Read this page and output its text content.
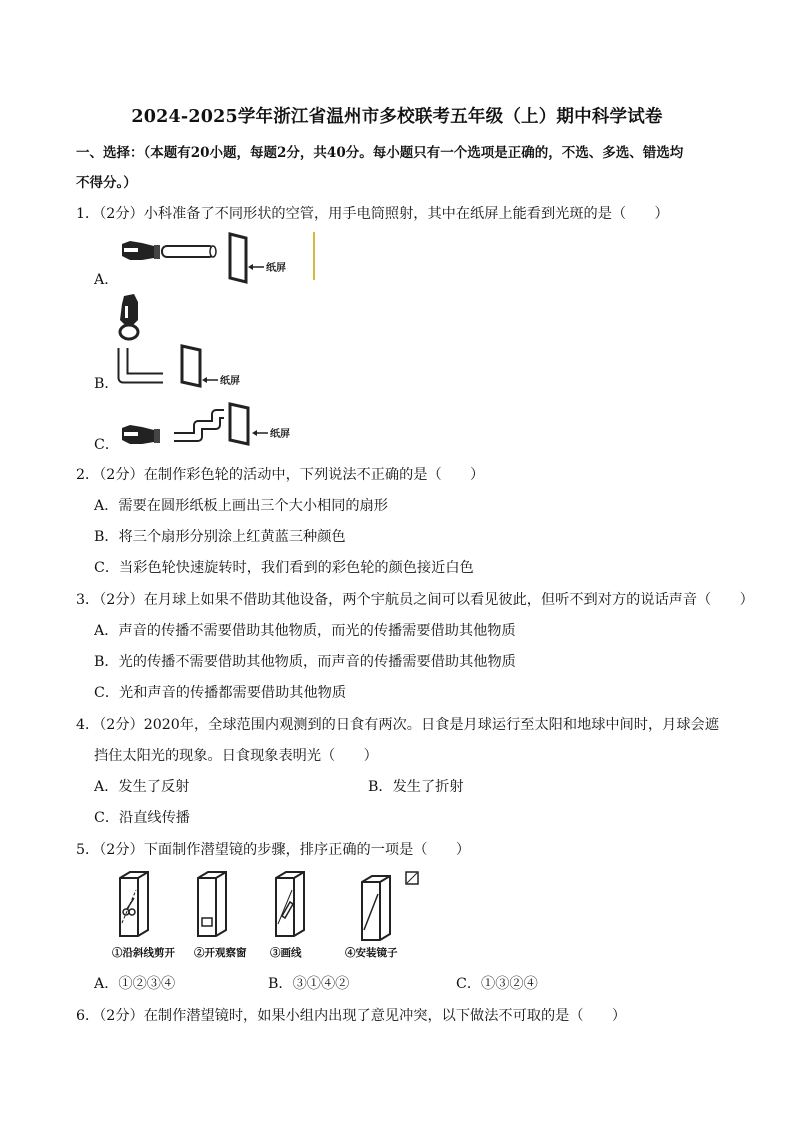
2024-2025学年浙江省温州市多校联考五年级（上）期中科学试卷
一、选择：（本题有20小题，每题2分，共40分。每小题只有一个选项是正确的，不选、多选、错选均
不得分。）
1．（2分）小科准备了不同形状的空管，用手电筒照射，其中在纸屏上能看到光斑的是（　　）
A．
纸屏
B．	纸屏
C．
纸屏
2．（2分）在制作彩色轮的活动中，下列说法不正确的是（　　）
A．需要在圆形纸板上画出三个大小相同的扇形
B．将三个扇形分别涂上红黄蓝三种颜色
C．当彩色轮快速旋转时，我们看到的彩色轮的颜色接近白色
3．（2分）在月球上如果不借助其他设备，两个宇航员之间可以看见彼此，但听不到对方的说话声音（　　）
A．声音的传播不需要借助其他物质，而光的传播需要借助其他物质
B．光的传播不需要借助其他物质，而声音的传播需要借助其他物质
C．光和声音的传播都需要借助其他物质
4．（2分）2020年，全球范围内观测到的日食有两次。日食是月球运行至太阳和地球中间时，月球会遮
挡住太阳光的现象。日食现象表明光（　　）
A．发生了反射	B．发生了折射
C．沿直线传播
5．（2分）下面制作潜望镜的步骤，排序正确的一项是（　　）
①沿斜线剪开 ②开观察窗 ③画线	④安装镜子
A．①②③④	B．③①④②	C．①③②④
6．（2分）在制作潜望镜时，如果小组内出现了意见冲突，以下做法不可取的是（　　）
